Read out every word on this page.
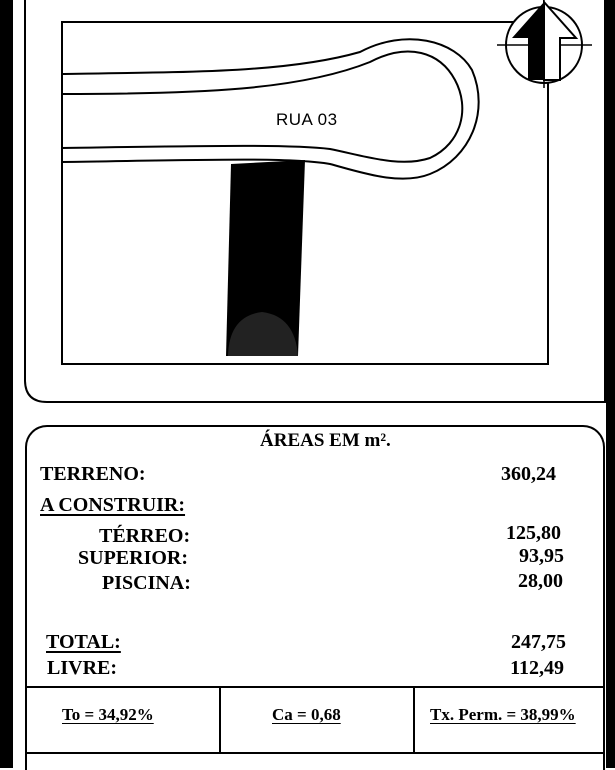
RUA 03
ÁREAS EM m².
TERRENO:	360,24
A CONSTRUIR:
TÉRREO:	125,80
SUPERIOR:	93,95
PISCINA:	28,00
TOTAL:	247,75
LIVRE:	112,49
To = 34,92%	Ca = 0,68	Tx. Perm. = 38,99%
